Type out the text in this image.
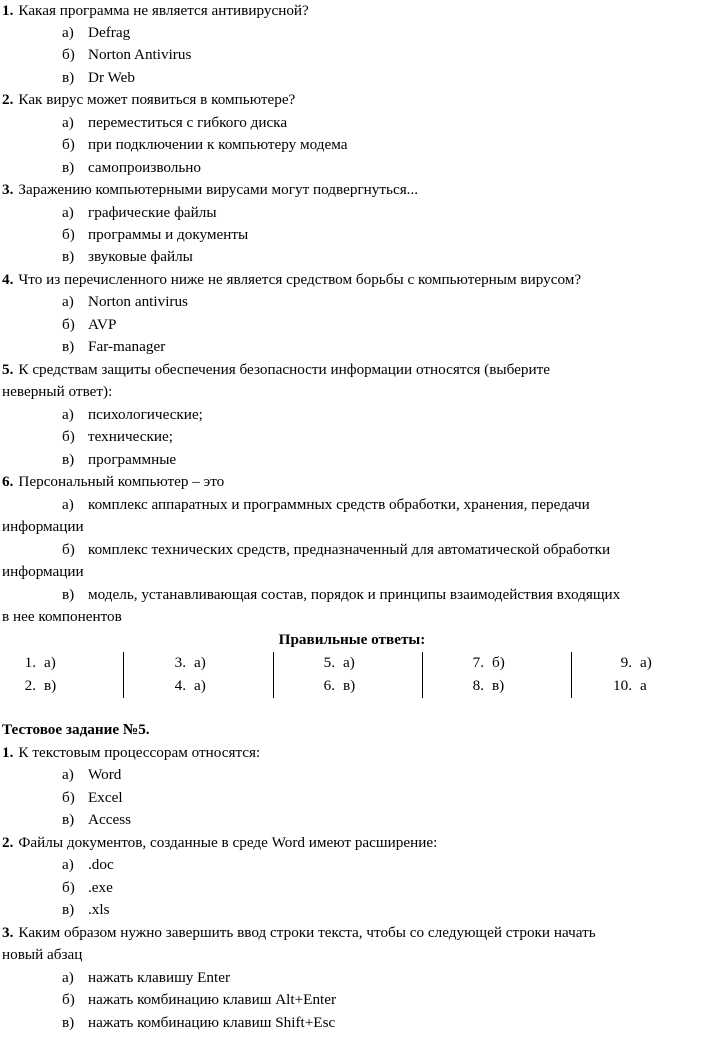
1. Какая программа не является антивирусной?
а) Defrag
б) Norton Antivirus
в) Dr Web
2. Как вирус может появиться в компьютере?
а) переместиться с гибкого диска
б) при подключении к компьютеру модема
в) самопроизвольно
3. Заражению компьютерными вирусами могут подвергнуться...
а) графические файлы
б) программы и документы
в) звуковые файлы
4. Что из перечисленного ниже не является средством борьбы с компьютерным вирусом?
а) Norton antivirus
б) AVP
в) Far-manager
5. К средствам защиты обеспечения безопасности информации относятся (выберите
неверный ответ):
а) психологические;
б) технические;
в) программные
6. Персональный компьютер – это
а) комплекс аппаратных и программных средств обработки, хранения, передачи
информации
б) комплекс технических средств, предназначенный для автоматической обработки
информации
в) модель, устанавливающая состав, порядок и принципы взаимодействия входящих
в нее компонентов
Правильные ответы:
1. а)	3. а)	5. а)	7. б)	9. а)
2. в)	4. а)	6. в)	8. в)	10. а
Тестовое задание №5.
1. К текстовым процессорам относятся:
а) Word
б) Excel
в) Access
2. Файлы документов, созданные в среде Word имеют расширение:
а) .doc
б) .exe
в) .xls
3. Каким образом нужно завершить ввод строки текста, чтобы со следующей строки начать
новый абзац
а) нажать клавишу Enter
б) нажать комбинацию клавиш Alt+Enter
в) нажать комбинацию клавиш Shift+Esc
